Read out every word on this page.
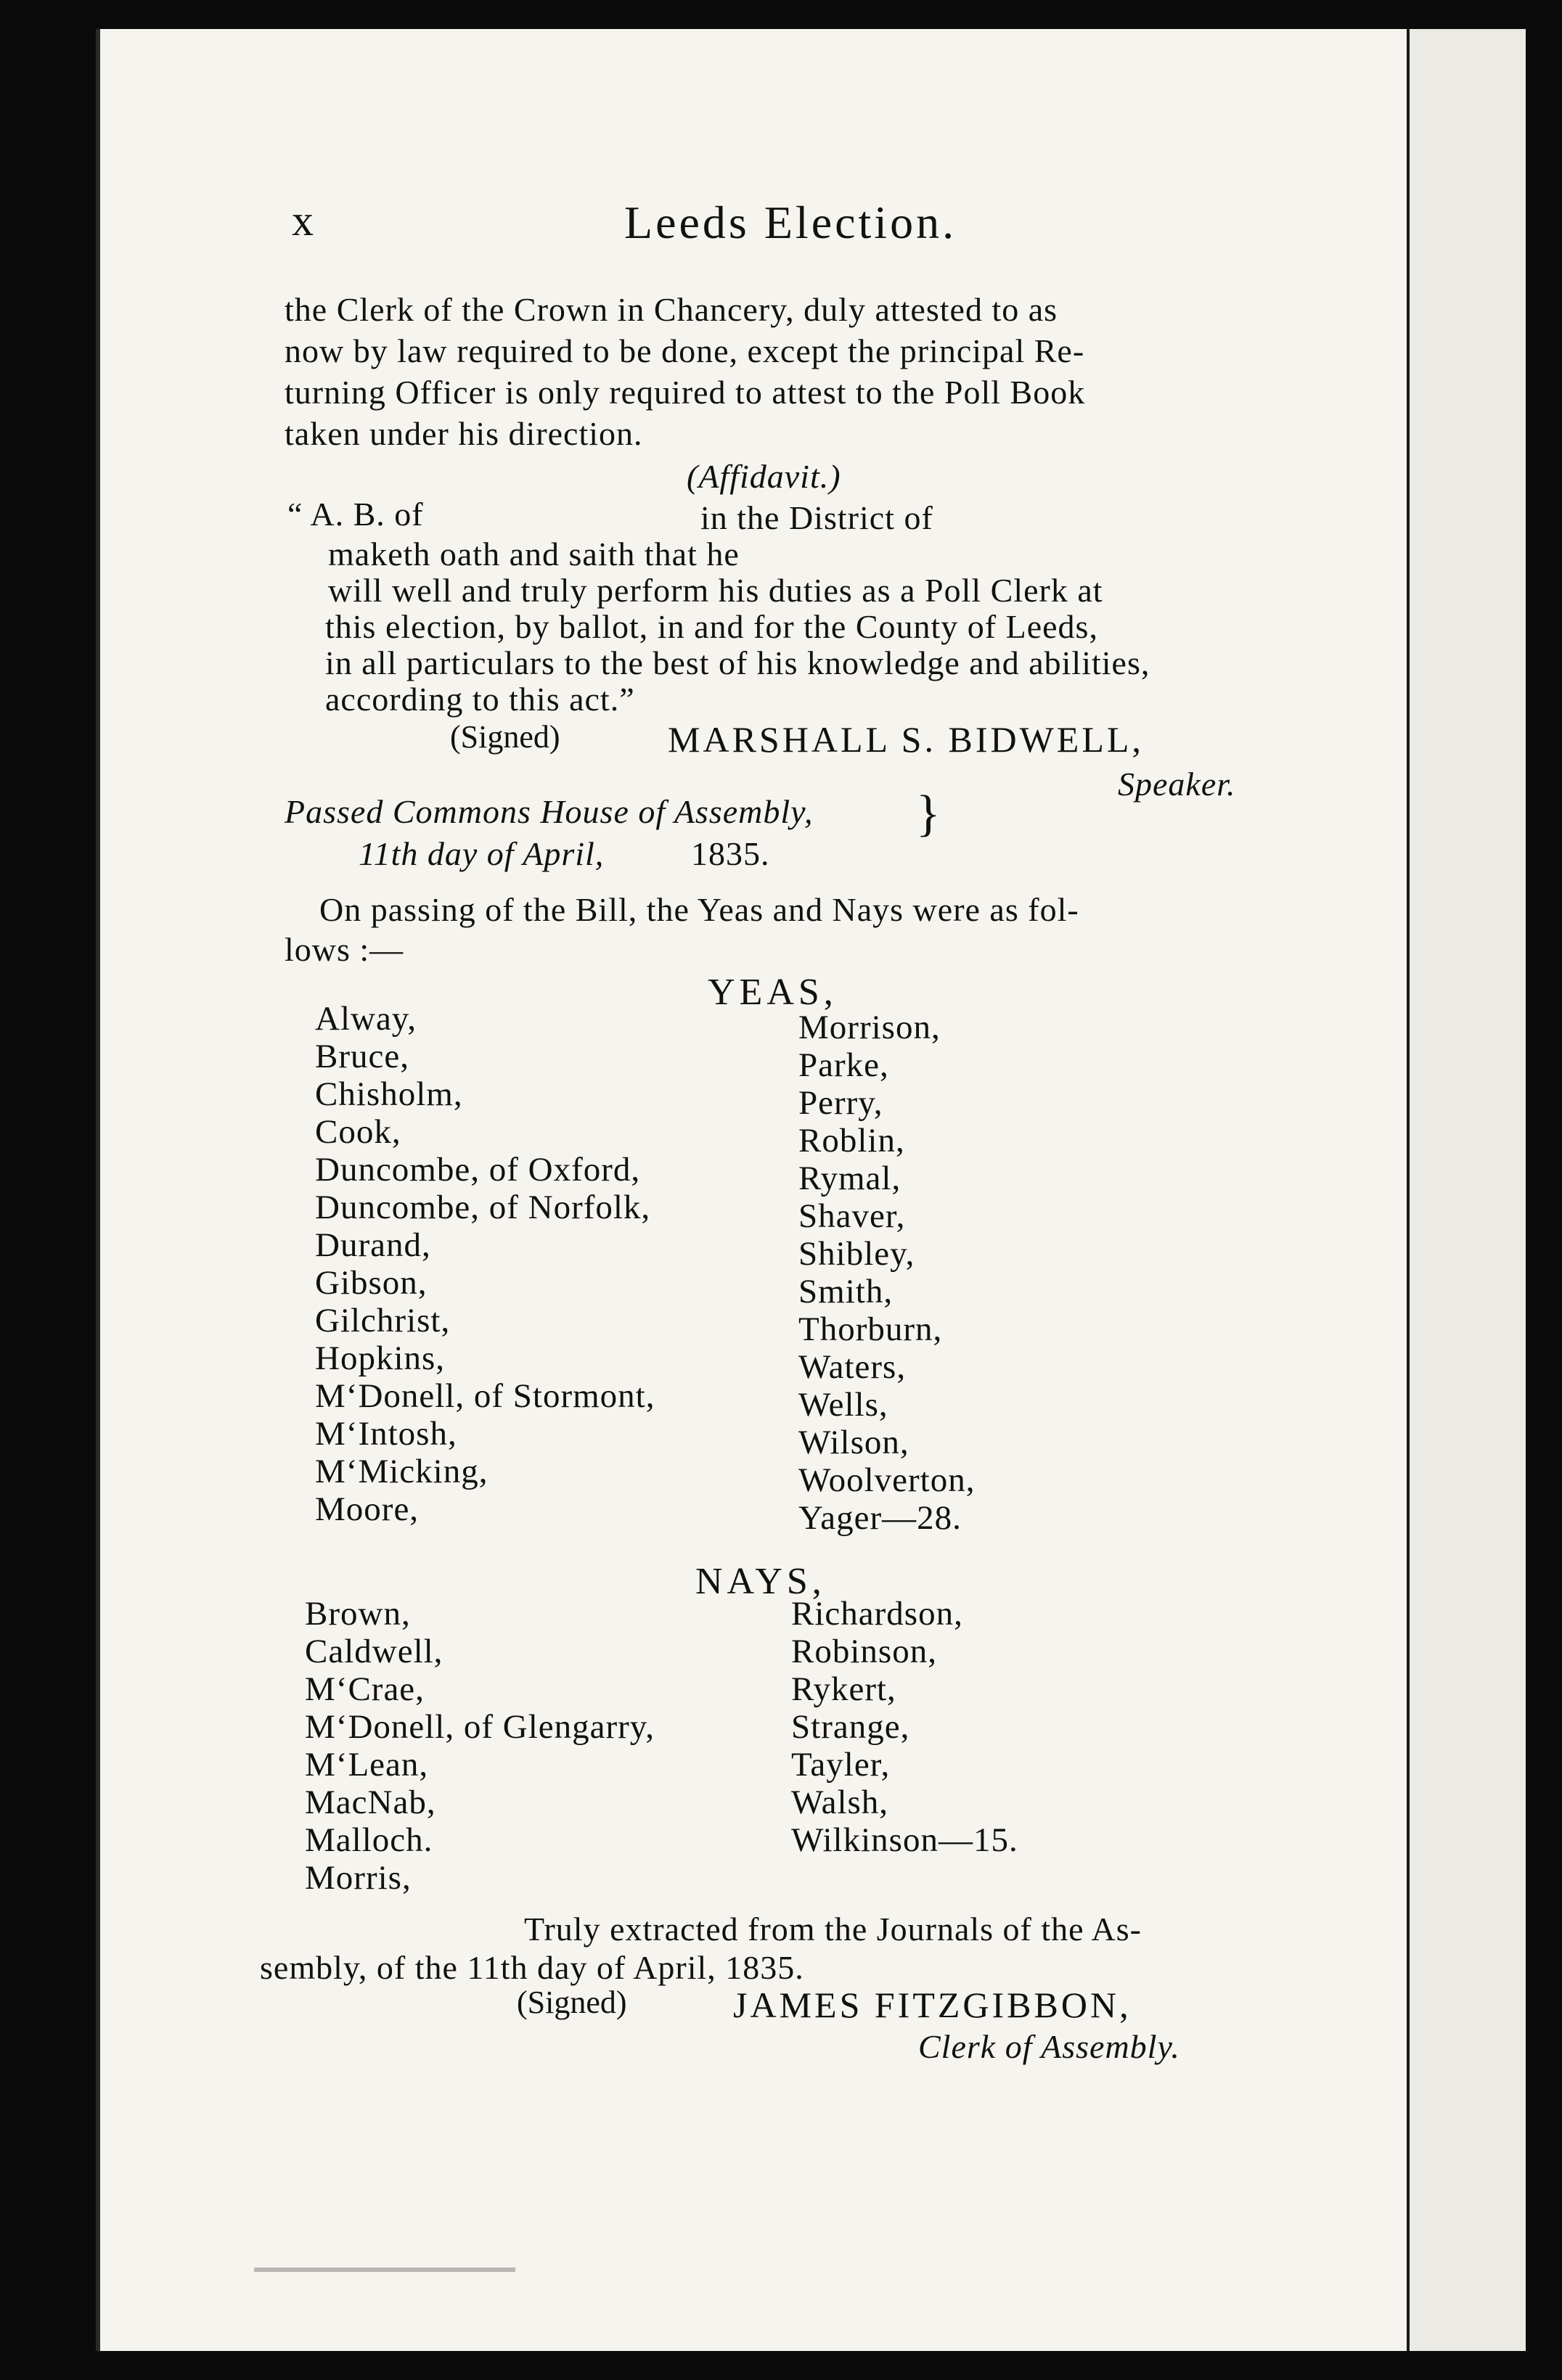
x	Leeds Election.
the Clerk of the Crown in Chancery, duly attested to as
now by law required to be done, except the principal Re-
turning Officer is only required to attest to the Poll Book
taken under his direction.
(Affidavit.)
“ A. B. of	in the District of
maketh oath and saith that he
will well and truly perform his duties as a Poll Clerk at
this election, by ballot, in and for the County of Leeds,
in all particulars to the best of his knowledge and abilities,
according to this act.”
(Signed)	MARSHALL S. BIDWELL,
Speaker.
Passed Commons House of Assembly,
11th day of April,	1835.
}
On passing of the Bill, the Yeas and Nays were as fol-
lows :—
YEAS,
Alway,
Bruce,
Chisholm,
Cook,
Duncombe, of Oxford,
Duncombe, of Norfolk,
Durand,
Gibson,
Gilchrist,
Hopkins,
M‘Donell, of Stormont,
M‘Intosh,
M‘Micking,
Moore,
Morrison,
Parke,
Perry,
Roblin,
Rymal,
Shaver,
Shibley,
Smith,
Thorburn,
Waters,
Wells,
Wilson,
Woolverton,
Yager—28.
NAYS,
Brown,
Caldwell,
M‘Crae,
M‘Donell, of Glengarry,
M‘Lean,
MacNab,
Malloch.
Morris,
Richardson,
Robinson,
Rykert,
Strange,
Tayler,
Walsh,
Wilkinson—15.
Truly extracted from the Journals of the As-
sembly, of the 11th day of April, 1835.
(Signed)	JAMES FITZGIBBON,
Clerk of Assembly.
